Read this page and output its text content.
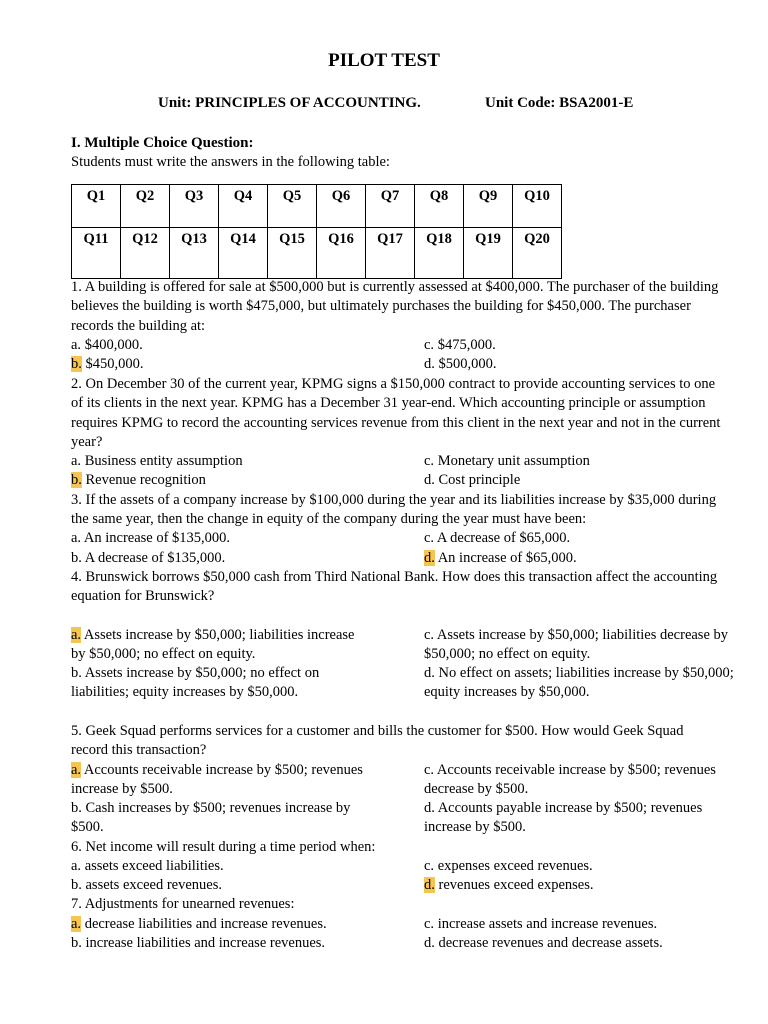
PILOT TEST
Unit: PRINCIPLES OF ACCOUNTING.	Unit Code: BSA2001-E
I. Multiple Choice Question:
Students must write the answers in the following table:
Q1	Q2	Q3	Q4	Q5	Q6	Q7	Q8	Q9	Q10

Q11	Q12	Q13	Q14	Q15	Q16	Q17	Q18	Q19	Q20
1. A building is offered for sale at $500,000 but is currently assessed at $400,000. The purchaser of the building believes the building is worth $475,000, but ultimately purchases the building for $450,000. The purchaser records the building at:
a. $400,000.	c. $475,000.
b. $450,000.	d. $500,000.
2. On December 30 of the current year, KPMG signs a $150,000 contract to provide accounting services to one of its clients in the next year. KPMG has a December 31 year-end. Which accounting principle or assumption requires KPMG to record the accounting services revenue from this client in the next year and not in the current year?
a. Business entity assumption	c. Monetary unit assumption
b. Revenue recognition	d. Cost principle
3. If the assets of a company increase by $100,000 during the year and its liabilities increase by $35,000 during the same year, then the change in equity of the company during the year must have been:
a. An increase of $135,000.	c. A decrease of $65,000.
b. A decrease of $135,000.	d. An increase of $65,000.
4. Brunswick borrows $50,000 cash from Third National Bank. How does this transaction affect the accounting equation for Brunswick?
a. Assets increase by $50,000; liabilities increase by $50,000; no effect on equity.
c. Assets increase by $50,000; liabilities decrease by $50,000; no effect on equity.
b. Assets increase by $50,000; no effect on liabilities; equity increases by $50,000.
d. No effect on assets; liabilities increase by $50,000; equity increases by $50,000.
5. Geek Squad performs services for a customer and bills the customer for $500. How would Geek Squad record this transaction?
a. Accounts receivable increase by $500; revenues increase by $500.
c. Accounts receivable increase by $500; revenues decrease by $500.
b. Cash increases by $500; revenues increase by $500.
d. Accounts payable increase by $500; revenues increase by $500.
6. Net income will result during a time period when:
a. assets exceed liabilities.	c. expenses exceed revenues.
b. assets exceed revenues.	d. revenues exceed expenses.
7. Adjustments for unearned revenues:
a. decrease liabilities and increase revenues.	c. increase assets and increase revenues.
b. increase liabilities and increase revenues.	d. decrease revenues and decrease assets.
